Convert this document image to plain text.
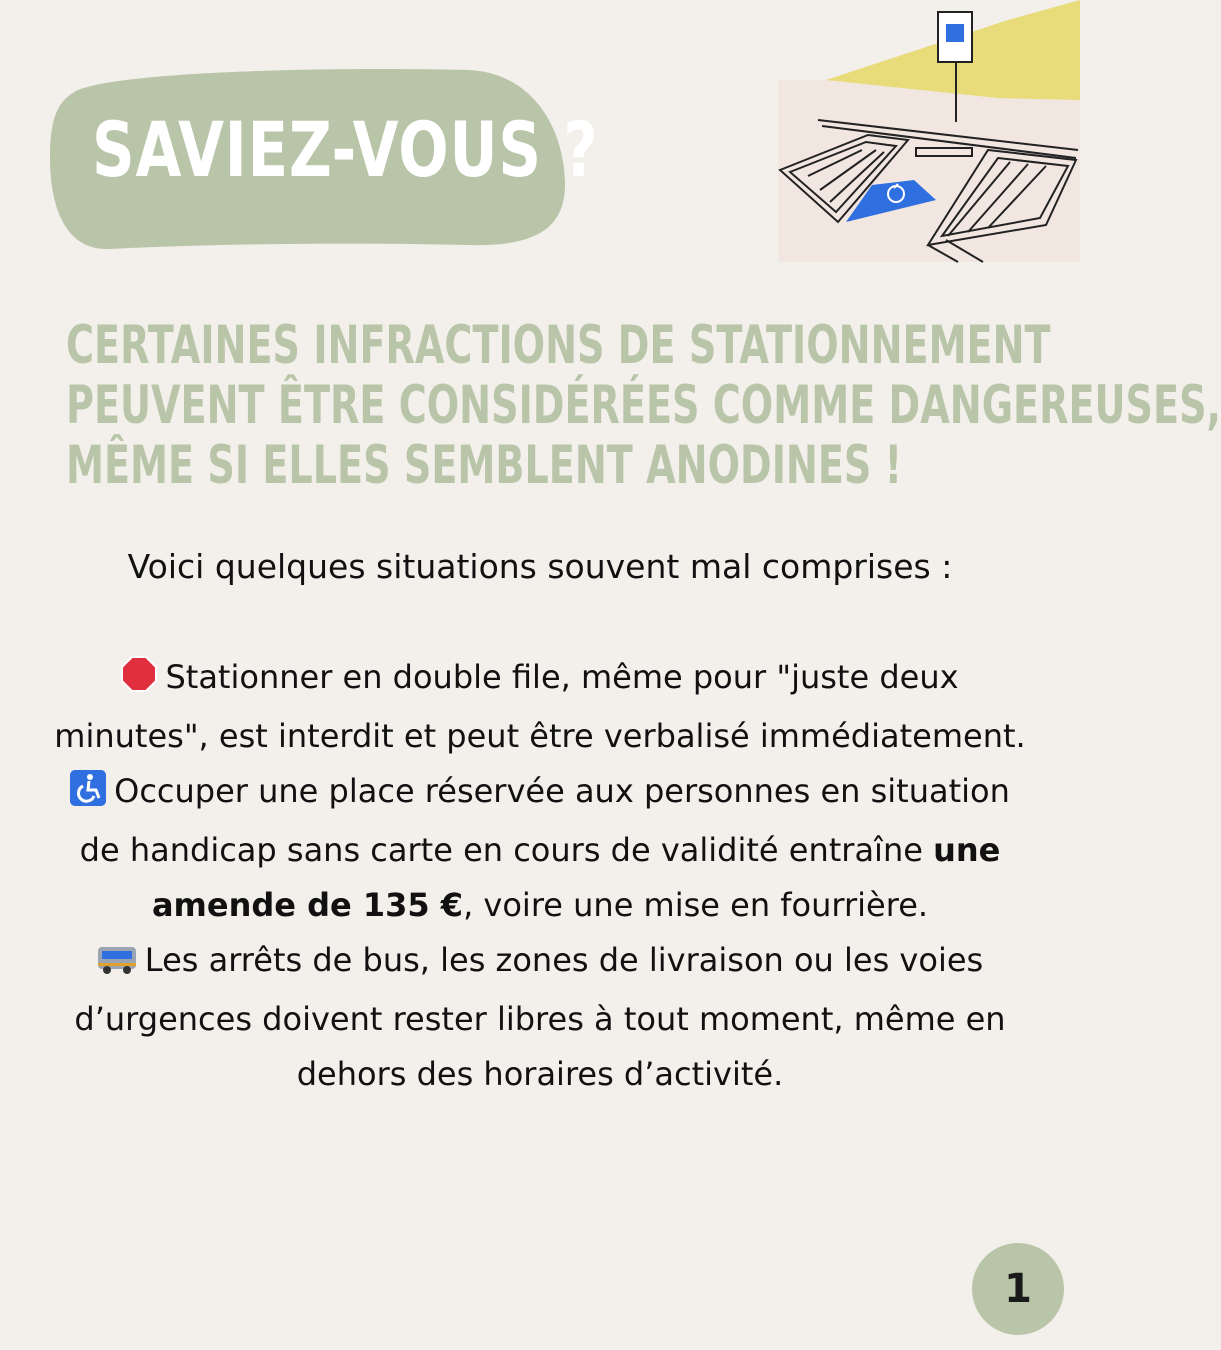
SAVIEZ-VOUS ?
CERTAINES INFRACTIONS DE STATIONNEMENT
PEUVENT ÊTRE CONSIDÉRÉES COMME DANGEREUSES,
MÊME SI ELLES SEMBLENT ANODINES !
Voici quelques situations souvent mal comprises :

Stationner en double file, même pour "juste deux minutes", est interdit et peut être verbalisé immédiatement.

Occuper une place réservée aux personnes en situation de handicap sans carte en cours de validité entraîne une amende de 135 €, voire une mise en fourrière.

Les arrêts de bus, les zones de livraison ou les voies d’urgences doivent rester libres à tout moment, même en dehors des horaires d’activité.

1
